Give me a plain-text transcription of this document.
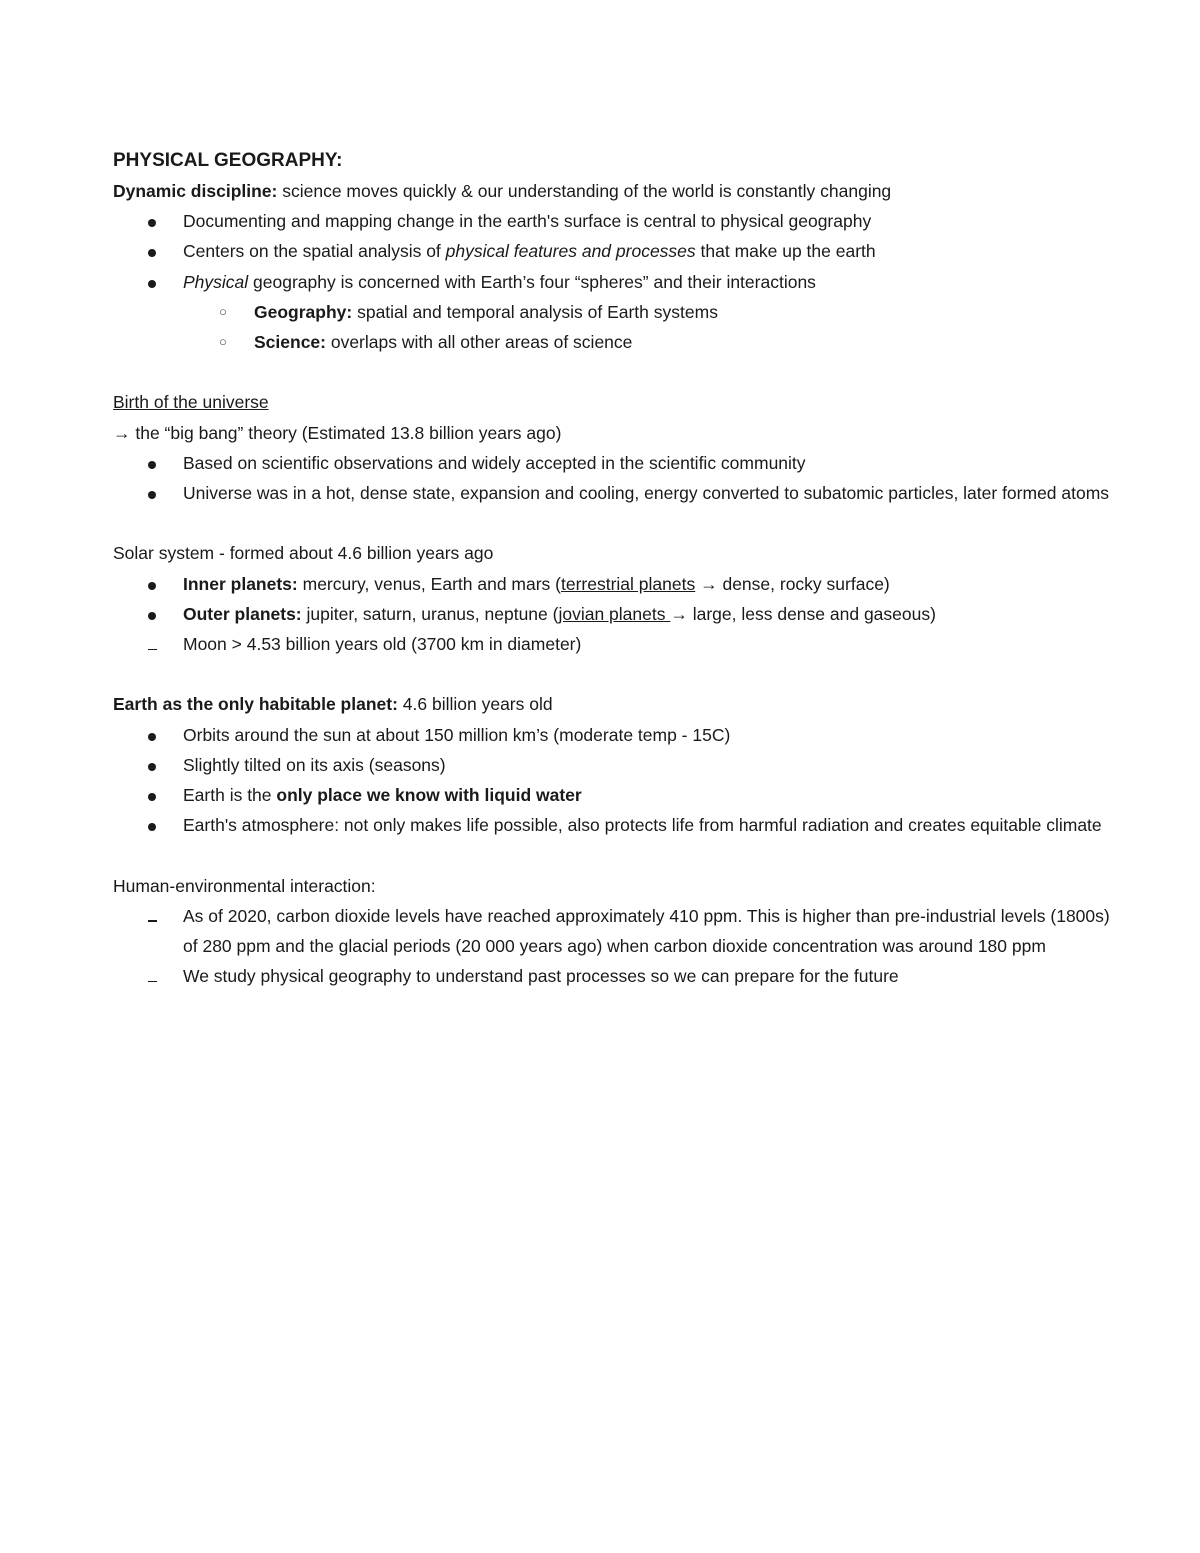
PHYSICAL GEOGRAPHY:

Dynamic discipline: science moves quickly & our understanding of the world is constantly changing

Documenting and mapping change in the earth's surface is central to physical geography
Centers on the spatial analysis of physical features and processes that make up the earth
Physical geography is concerned with Earth’s four “spheres” and their interactions
○ Geography: spatial and temporal analysis of Earth systems
○ Science: overlaps with all other areas of science

Birth of the universe

→ the “big bang” theory (Estimated 13.8 billion years ago)

Based on scientific observations and widely accepted in the scientific community
Universe was in a hot, dense state, expansion and cooling, energy converted to subatomic particles, later formed atoms

Solar system - formed about 4.6 billion years ago

Inner planets: mercury, venus, Earth and mars (terrestrial planets → dense, rocky surface)
Outer planets: jupiter, saturn, uranus, neptune (jovian planets → large, less dense and gaseous)
Moon > 4.53 billion years old (3700 km in diameter)

Earth as the only habitable planet: 4.6 billion years old

Orbits around the sun at about 150 million km’s (moderate temp - 15C)
Slightly tilted on its axis (seasons)
Earth is the only place we know with liquid water
Earth's atmosphere: not only makes life possible, also protects life from harmful radiation and creates equitable climate

Human-environmental interaction:

As of 2020, carbon dioxide levels have reached approximately 410 ppm. This is higher than pre-industrial levels (1800s) of 280 ppm and the glacial periods (20 000 years ago) when carbon dioxide concentration was around 180 ppm
We study physical geography to understand past processes so we can prepare for the future
